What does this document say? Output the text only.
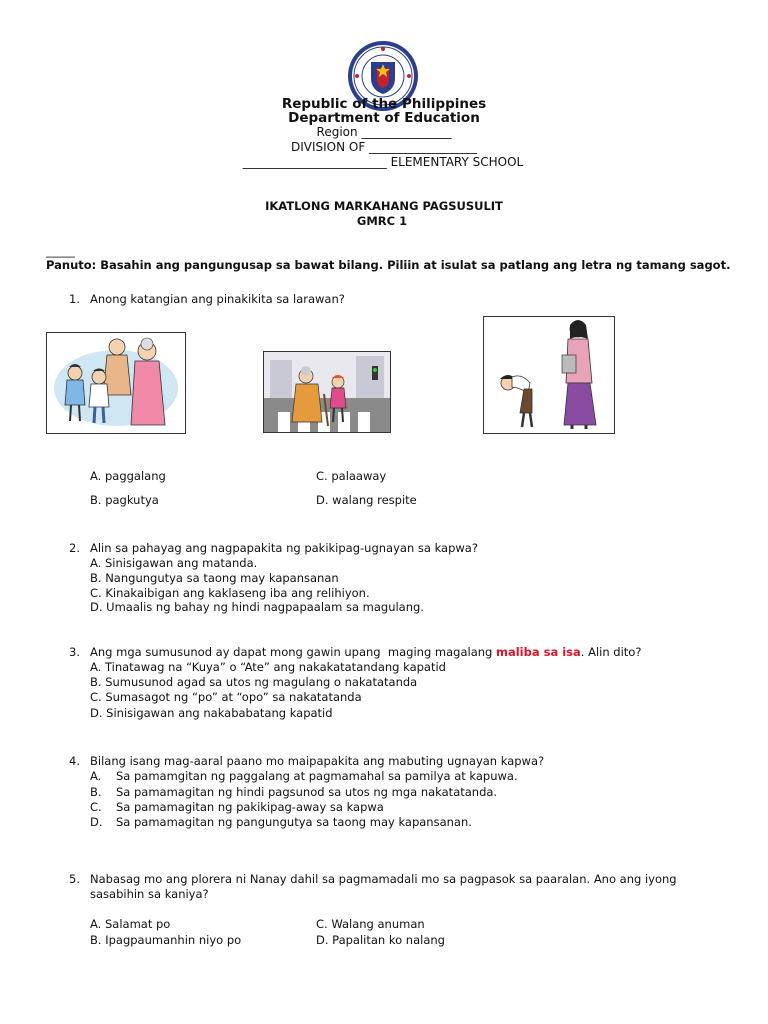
Republic of the Philippines
Department of Education
Region _______________
DIVISION OF __________________
________________________ ELEMENTARY SCHOOL
IKATLONG MARKAHANG PAGSUSULIT
GMRC 1
_____
Panuto: Basahin ang pangungusap sa bawat bilang. Piliin at isulat sa patlang ang letra ng tamang sagot.
1. Anong katangian ang pinakikita sa larawan?
A. paggalang	C. palaaway
B. pagkutya	D. walang respite
2. Alin sa pahayag ang nagpapakita ng pakikipag-ugnayan sa kapwa?
A. Sinisigawan ang matanda.
B. Nangungutya sa taong may kapansanan
C. Kinakaibigan ang kaklaseng iba ang relihiyon.
D. Umaalis ng bahay ng hindi nagpapaalam sa magulang.
3. Ang mga sumusunod ay dapat mong gawin upang  maging magalang maliba sa isa. Alin dito?
A. Tinatawag na “Kuya” o “Ate” ang nakakatatandang kapatid
B. Sumusunod agad sa utos ng magulang o nakatatanda
C. Sumasagot ng “po” at “opo” sa nakatatanda
D. Sinisigawan ang nakababatang kapatid
4. Bilang isang mag-aaral paano mo maipapakita ang mabuting ugnayan kapwa?
A. Sa pamamgitan ng paggalang at pagmamahal sa pamilya at kapuwa.
B. Sa pamamagitan ng hindi pagsunod sa utos ng mga nakatatanda.
C. Sa pamamagitan ng pakikipag-away sa kapwa
D. Sa pamamagitan ng pangungutya sa taong may kapansanan.
5. Nabasag mo ang plorera ni Nanay dahil sa pagmamadali mo sa pagpasok sa paaralan. Ano ang iyong
sasabihin sa kaniya?
A. Salamat po	C. Walang anuman
B. Ipagpaumanhin niyo po	D. Papalitan ko nalang
